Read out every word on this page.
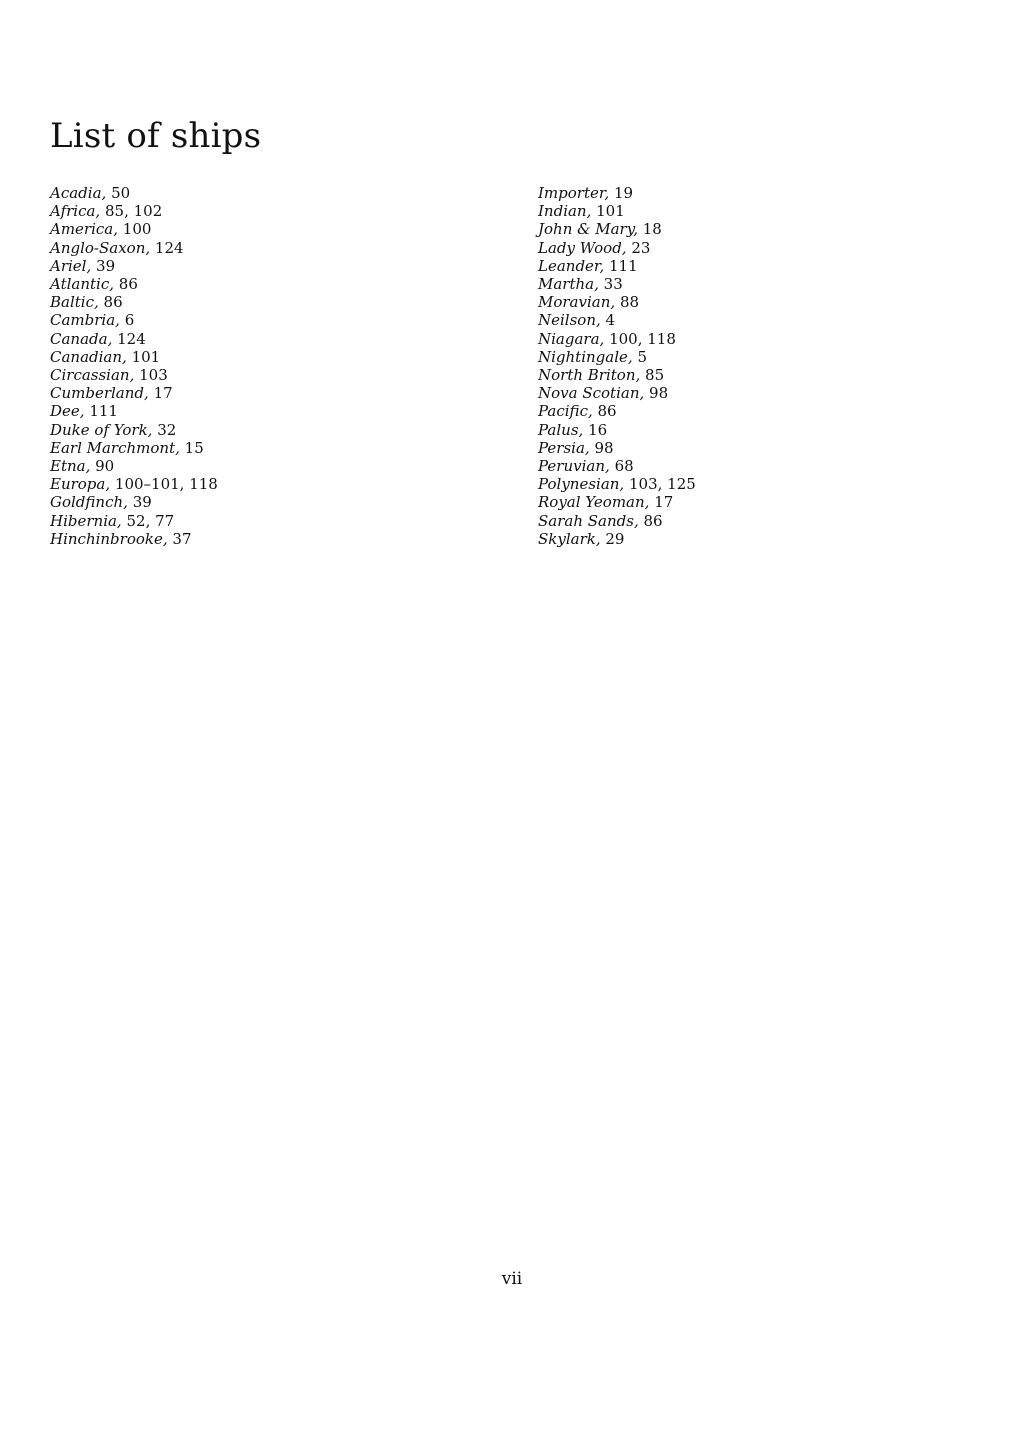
List of ships
Acadia, 50
Africa, 85, 102
America, 100
Anglo-Saxon, 124
Ariel, 39
Atlantic, 86
Baltic, 86
Cambria, 6
Canada, 124
Canadian, 101
Circassian, 103
Cumberland, 17
Dee, 111
Duke of York, 32
Earl Marchmont, 15
Etna, 90
Europa, 100–101, 118
Goldfinch, 39
Hibernia, 52, 77
Hinchinbrooke, 37
Importer, 19
Indian, 101
John & Mary, 18
Lady Wood, 23
Leander, 111
Martha, 33
Moravian, 88
Neilson, 4
Niagara, 100, 118
Nightingale, 5
North Briton, 85
Nova Scotian, 98
Pacific, 86
Palus, 16
Persia, 98
Peruvian, 68
Polynesian, 103, 125
Royal Yeoman, 17
Sarah Sands, 86
Skylark, 29
vii
